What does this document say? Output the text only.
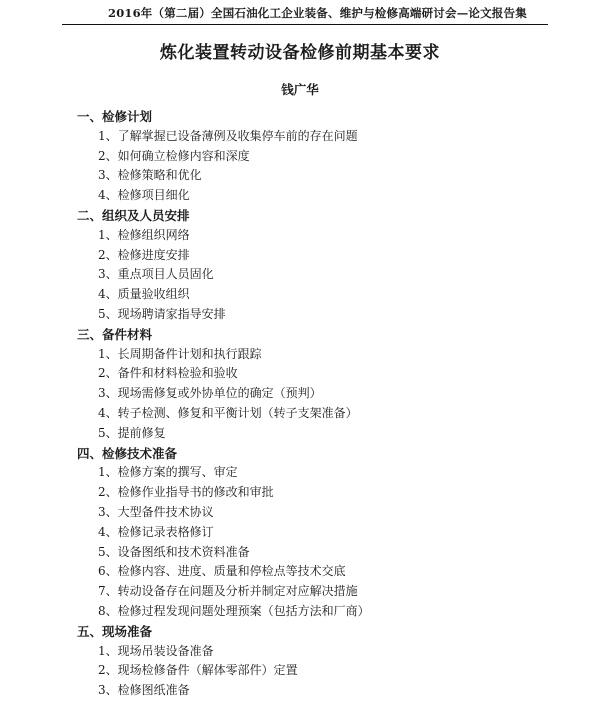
2016年（第二届）全国石油化工企业装备、维护与检修高端研讨会—论文报告集
炼化装置转动设备检修前期基本要求
钱广华
一、检修计划
1、了解掌握已设备薄例及收集停车前的存在问题
2、如何确立检修内容和深度
3、检修策略和优化
4、检修项目细化
二、组织及人员安排
1、检修组织网络
2、检修进度安排
3、重点项目人员固化
4、质量验收组织
5、现场聘请家指导安排
三、备件材料
1、长周期备件计划和执行跟踪
2、备件和材料检验和验收
3、现场需修复或外协单位的确定（预判）
4、转子检测、修复和平衡计划（转子支架准备）
5、提前修复
四、检修技术准备
1、检修方案的撰写、审定
2、检修作业指导书的修改和审批
3、大型备件技术协议
4、检修记录表格修订
5、设备图纸和技术资料准备
6、检修内容、进度、质量和停检点等技术交底
7、转动设备存在问题及分析并制定对应解决措施
8、检修过程发现问题处理预案（包括方法和厂商）
五、现场准备
1、现场吊装设备准备
2、现场检修备件（解体零部件）定置
3、检修图纸准备
